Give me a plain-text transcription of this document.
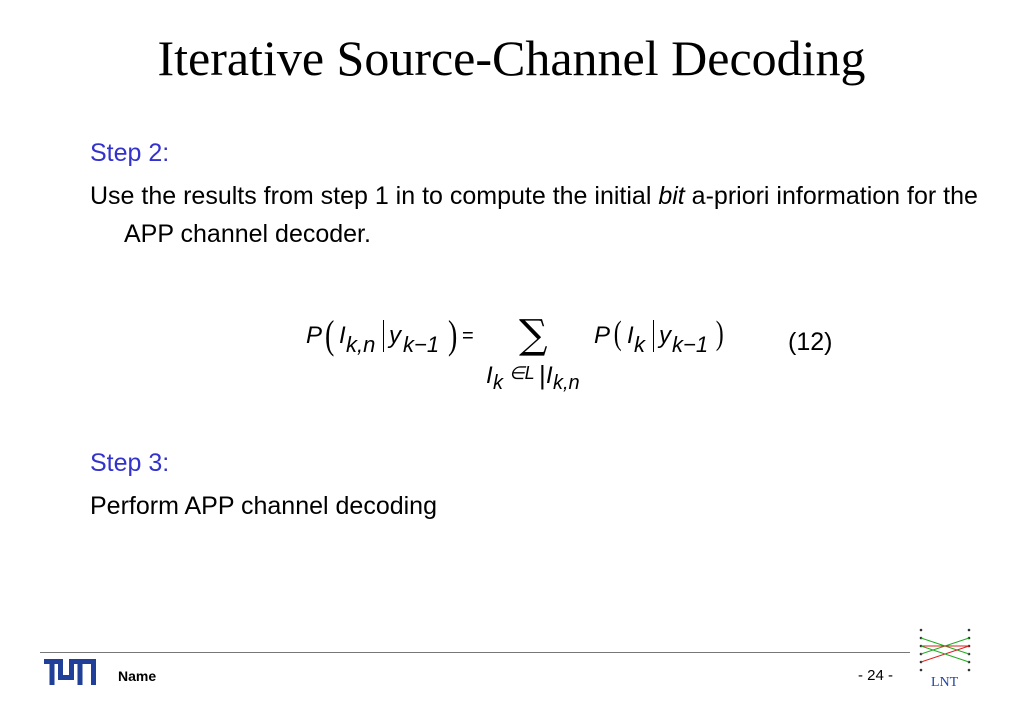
Iterative Source-Channel Decoding
Step 2:
Use the results from step 1 in to compute the initial bit a-priori information for the APP channel decoder.
P ( I k,n y k−1 ) = ∑
I k ∈L | I k,n
P ( I k y k−1 )	(12)
Step 3:
Perform APP channel decoding
Name	- 24 -	LNT
